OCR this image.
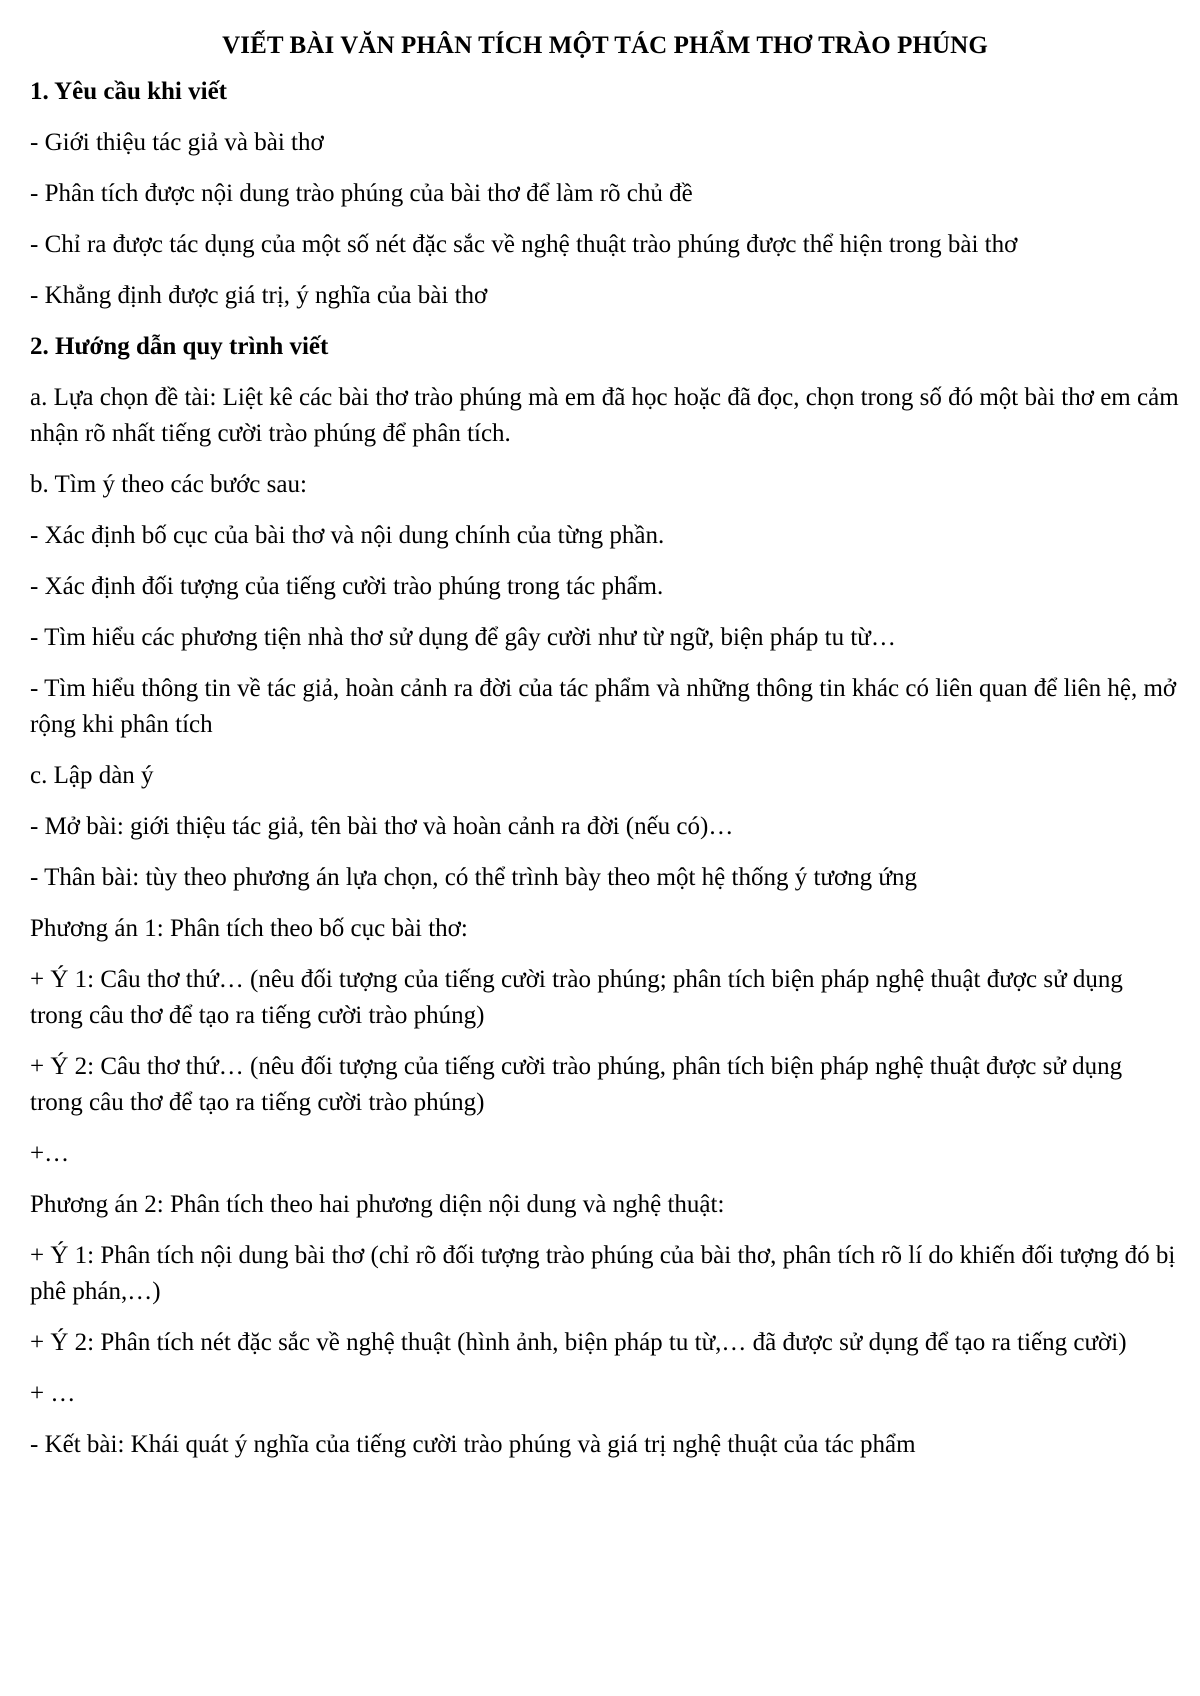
VIẾT BÀI VĂN PHÂN TÍCH MỘT TÁC PHẨM THƠ TRÀO PHÚNG

1. Yêu cầu khi viết

- Giới thiệu tác giả và bài thơ

- Phân tích được nội dung trào phúng của bài thơ để làm rõ chủ đề

- Chỉ ra được tác dụng của một số nét đặc sắc về nghệ thuật trào phúng được thể hiện trong bài thơ

- Khẳng định được giá trị, ý nghĩa của bài thơ

2. Hướng dẫn quy trình viết

a. Lựa chọn đề tài: Liệt kê các bài thơ trào phúng mà em đã học hoặc đã đọc, chọn trong số đó một bài thơ em cảm nhận rõ nhất tiếng cười trào phúng để phân tích.

b. Tìm ý theo các bước sau:

- Xác định bố cục của bài thơ và nội dung chính của từng phần.

- Xác định đối tượng của tiếng cười trào phúng trong tác phẩm.

- Tìm hiểu các phương tiện nhà thơ sử dụng để gây cười như từ ngữ, biện pháp tu từ…

- Tìm hiểu thông tin về tác giả, hoàn cảnh ra đời của tác phẩm và những thông tin khác có liên quan để liên hệ, mở rộng khi phân tích

c. Lập dàn ý

- Mở bài: giới thiệu tác giả, tên bài thơ và hoàn cảnh ra đời (nếu có)…

- Thân bài: tùy theo phương án lựa chọn, có thể trình bày theo một hệ thống ý tương ứng

Phương án 1: Phân tích theo bố cục bài thơ:

+ Ý 1: Câu thơ thứ… (nêu đối tượng của tiếng cười trào phúng; phân tích biện pháp nghệ thuật được sử dụng trong câu thơ để tạo ra tiếng cười trào phúng)

+ Ý 2: Câu thơ thứ… (nêu đối tượng của tiếng cười trào phúng, phân tích biện pháp nghệ thuật được sử dụng trong câu thơ để tạo ra tiếng cười trào phúng)

+…

Phương án 2: Phân tích theo hai phương diện nội dung và nghệ thuật:

+ Ý 1: Phân tích nội dung bài thơ (chỉ rõ đối tượng trào phúng của bài thơ, phân tích rõ lí do khiến đối tượng đó bị phê phán,…)

+ Ý 2: Phân tích nét đặc sắc về nghệ thuật (hình ảnh, biện pháp tu từ,… đã được sử dụng để tạo ra tiếng cười)

+ …

- Kết bài: Khái quát ý nghĩa của tiếng cười trào phúng và giá trị nghệ thuật của tác phẩm
